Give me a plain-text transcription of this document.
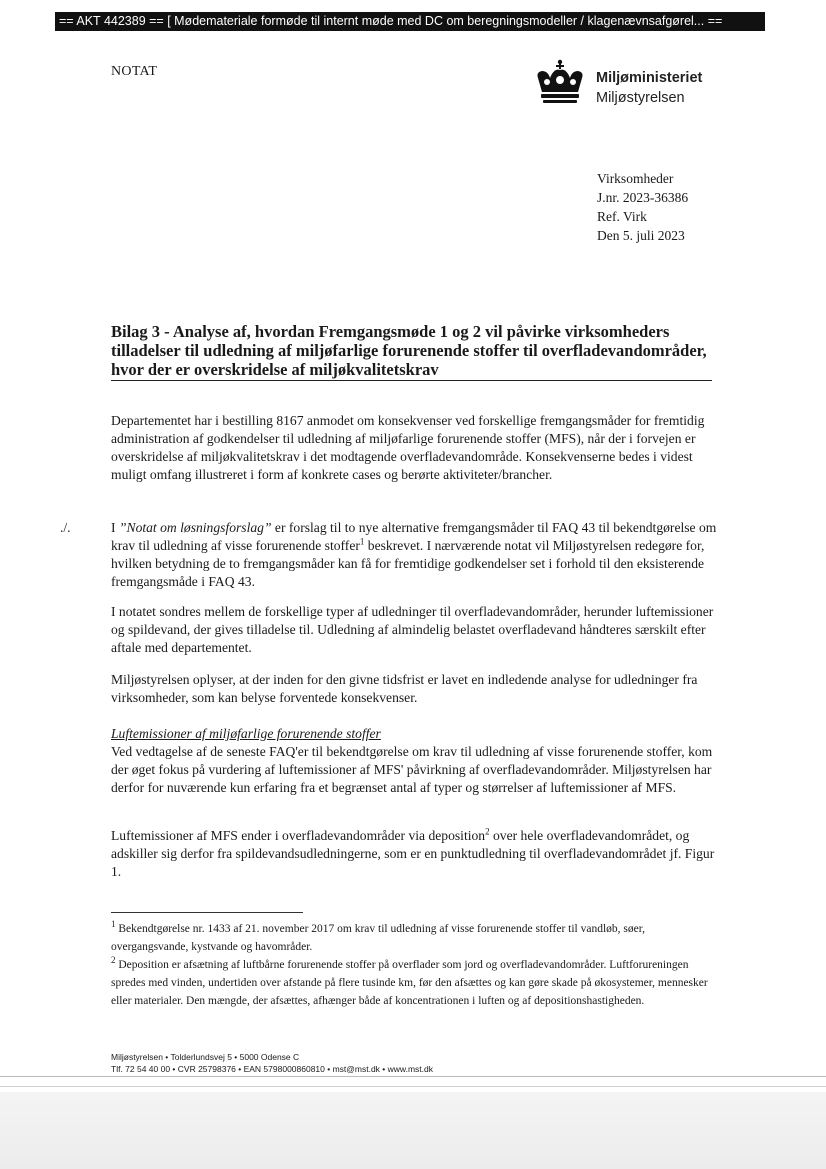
== AKT 442389 == [ Mødemateriale formøde til internt møde med DC om beregningsmodeller / klagenævnsafgørel... ==
NOTAT	Miljøministeriet
Miljøstyrelsen
Virksomheder
J.nr. 2023-36386
Ref. Virk
Den 5. juli 2023
Bilag 3 - Analyse af, hvordan Fremgangsmøde 1 og 2 vil påvirke virksomheders tilladelser til udledning af miljøfarlige forurenende stoffer til overfladevandområder, hvor der er overskridelse af miljøkvalitetskrav
./.

Departementet har i bestilling 8167 anmodet om konsekvenser ved forskellige fremgangsmåder for fremtidig administration af godkendelser til udledning af miljøfarlige forurenende stoffer (MFS), når der i forvejen er overskridelse af miljøkvalitetskrav i det modtagende overfladevandområde. Konsekvenserne bedes i videst muligt omfang illustreret i form af konkrete cases og berørte aktiviteter/brancher.

I ”Notat om løsningsforslag” er forslag til to nye alternative fremgangsmåder til FAQ 43 til bekendtgørelse om krav til udledning af visse forurenende stoffer$^1$ beskrevet. I nærværende notat vil Miljøstyrelsen redegøre for, hvilken betydning de to fremgangsmåder kan få for fremtidige godkendelser set i forhold til den eksisterende fremgangsmåde i FAQ 43.

I notatet sondres mellem de forskellige typer af udledninger til overfladevandområder, herunder luftemissioner og spildevand, der gives tilladelse til. Udledning af almindelig belastet overfladevand håndteres særskilt efter aftale med departementet.

Miljøstyrelsen oplyser, at der inden for den givne tidsfrist er lavet en indledende analyse for udledninger fra virksomheder, som kan belyse forventede konsekvenser.

Luftemissioner af miljøfarlige forurenende stoffer

Ved vedtagelse af de seneste FAQ'er til bekendtgørelse om krav til udledning af visse forurenende stoffer, kom der øget fokus på vurdering af luftemissioner af MFS' påvirkning af overfladevandområder. Miljøstyrelsen har derfor for nuværende kun erfaring fra et begrænset antal af typer og størrelser af luftemissioner af MFS.

Luftemissioner af MFS ender i overfladevandområder via deposition$^2$ over hele overfladevandområdet, og adskiller sig derfor fra spildevandsudledningerne, som er en punktudledning til overfladevandområdet jf. Figur 1.

$^1$ Bekendtgørelse nr. 1433 af 21. november 2017 om krav til udledning af visse forurenende stoffer til vandløb, søer, overgangsvande, kystvande og havområder.

$^2$ Deposition er afsætning af luftbårne forurenende stoffer på overflader som jord og overfladevandområder. Luftforureningen spredes med vinden, undertiden over afstande på flere tusinde km, før den afsættes og kan gøre skade på økosystemer, mennesker eller materialer. Den mængde, der afsættes, afhænger både af koncentrationen i luften og af depositionshastigheden.

Miljøstyrelsen • Tolderlundsvej 5 • 5000 Odense C
Tlf. 72 54 40 00 • CVR 25798376 • EAN 5798000860810 • mst@mst.dk • www.mst.dk
